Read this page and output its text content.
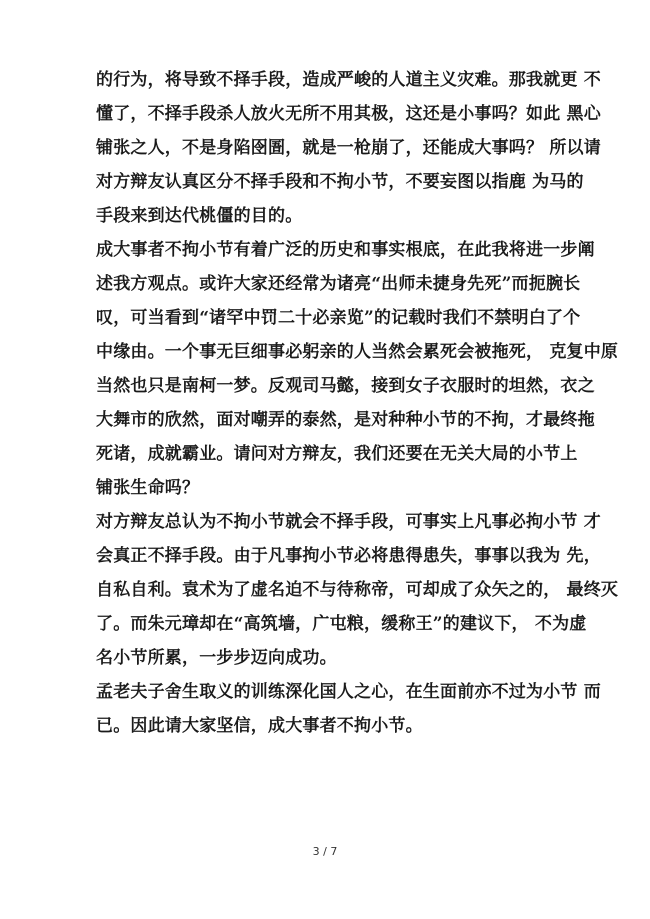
的行为，将导致不择手段，造成严峻的人道主义灾难。那我就更 不
懂了，不择手段杀人放火无所不用其极，这还是小事吗？如此 黑心
铺张之人，不是身陷囹圄，就是一枪崩了，还能成大事吗？ 所以请
对方辩友认真区分不择手段和不拘小节，不要妄图以指鹿 为马的
手段来到达代桃僵的目的。
成大事者不拘小节有着广泛的历史和事实根底，在此我将进一步阐
述我方观点。或许大家还经常为诸亮“出师未捷身先死”而扼腕长
叹，可当看到“诸罕中罚二十必亲览”的记载时我们不禁明白了个
中缘由。一个事无巨细事必躬亲的人当然会累死会被拖死， 克复中原
当然也只是南柯一梦。反观司马懿，接到女子衣服时的坦然，衣之
大舞市的欣然，面对嘲弄的泰然，是对种种小节的不拘，才最终拖
死诸，成就霸业。请问对方辩友，我们还要在无关大局的小节上
铺张生命吗？
对方辩友总认为不拘小节就会不择手段，可事实上凡事必拘小节 才
会真正不择手段。由于凡事拘小节必将患得患失，事事以我为 先，
自私自利。袁术为了虚名迫不与待称帝，可却成了众矢之的， 最终灭
了。而朱元璋却在“高筑墙，广屯粮，缓称王”的建议下， 不为虚
名小节所累，一步步迈向成功。
孟老夫子舍生取义的训练深化国人之心，在生面前亦不过为小节 而
已。因此请大家坚信，成大事者不拘小节。
3 / 7
